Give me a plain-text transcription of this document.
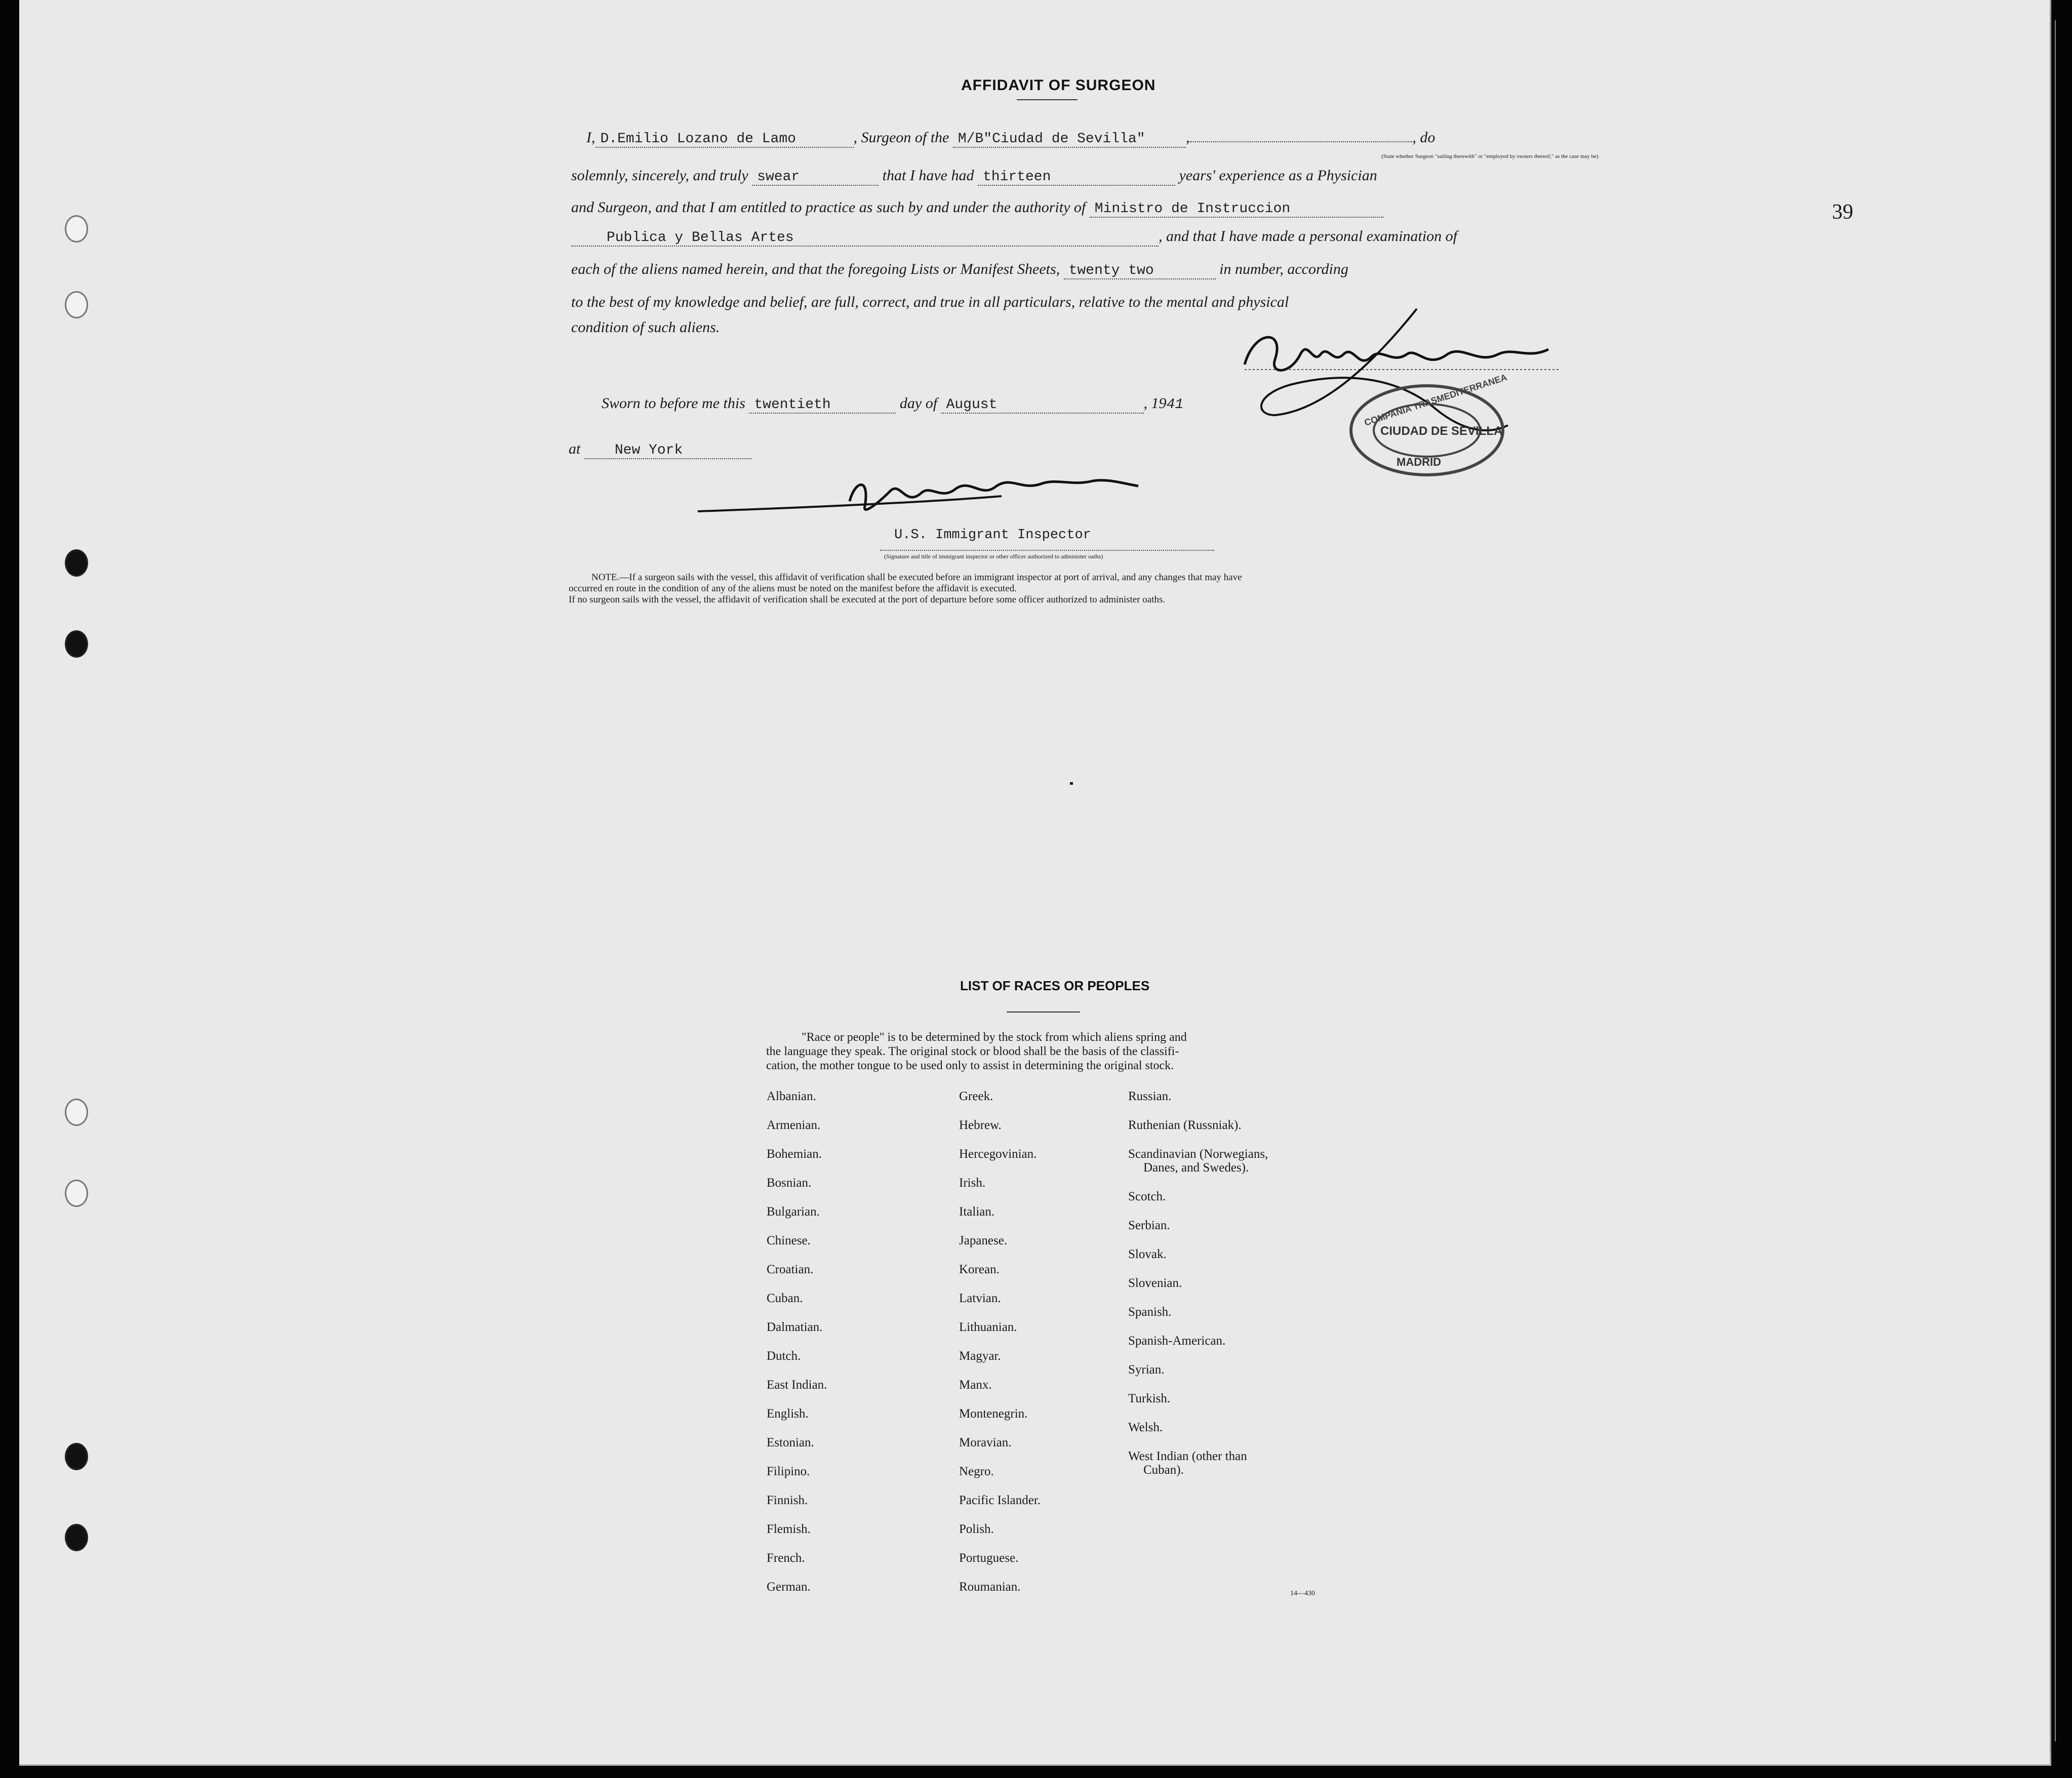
39
AFFIDAVIT OF SURGEON
I, D.Emilio Lozano de Lamo	, Surgeon of the M/B"Ciudad de Sevilla"	,	, do
(State whether Surgeon "sailing therewith" or "employed by owners thereof," as the case may be)
solemnly, sincerely, and truly swear	that I have had thirteen	years' experience as a Physician
and Surgeon, and that I am entitled to practice as such by and under the authority of Ministro de Instruccion
Publica y Bellas Artes	, and that I have made a personal examination of
each of the aliens named herein, and that the foregoing Lists or Manifest Sheets, twenty two	in number, according
to the best of my knowledge and belief, are full, correct, and true in all particulars, relative to the mental and physical
condition of such aliens.
COMPANIA TRASMEDITERRANEA
CIUDAD DE SEVILLA
MADRID
Sworn to before me this twentieth	day of August	, 1941
at New York
U.S. Immigrant Inspector
(Signature and title of immigrant inspector or other officer authorized to administer oaths)
NOTE.—If a surgeon sails with the vessel, this affidavit of verification shall be executed before an immigrant inspector at port of arrival, and any changes that may have
occurred en route in the condition of any of the aliens must be noted on the manifest before the affidavit is executed.
If no surgeon sails with the vessel, the affidavit of verification shall be executed at the port of departure before some officer authorized to administer oaths.
LIST OF RACES OR PEOPLES
"Race or people" is to be determined by the stock from which aliens spring and
the language they speak. The original stock or blood shall be the basis of the classifi-
cation, the mother tongue to be used only to assist in determining the original stock.
Albanian.
Armenian.
Bohemian.
Bosnian.
Bulgarian.
Chinese.
Croatian.
Cuban.
Dalmatian.
Dutch.
East Indian.
English.
Estonian.
Filipino.
Finnish.
Flemish.
French.
German.
Greek.
Hebrew.
Hercegovinian.
Irish.
Italian.
Japanese.
Korean.
Latvian.
Lithuanian.
Magyar.
Manx.
Montenegrin.
Moravian.
Negro.
Pacific Islander.
Polish.
Portuguese.
Roumanian.
Russian.
Ruthenian (Russniak).
Scandinavian (Norwegians,
Danes, and Swedes).
Scotch.
Serbian.
Slovak.
Slovenian.
Spanish.
Spanish-American.
Syrian.
Turkish.
Welsh.
West Indian (other than
Cuban).
14—430
